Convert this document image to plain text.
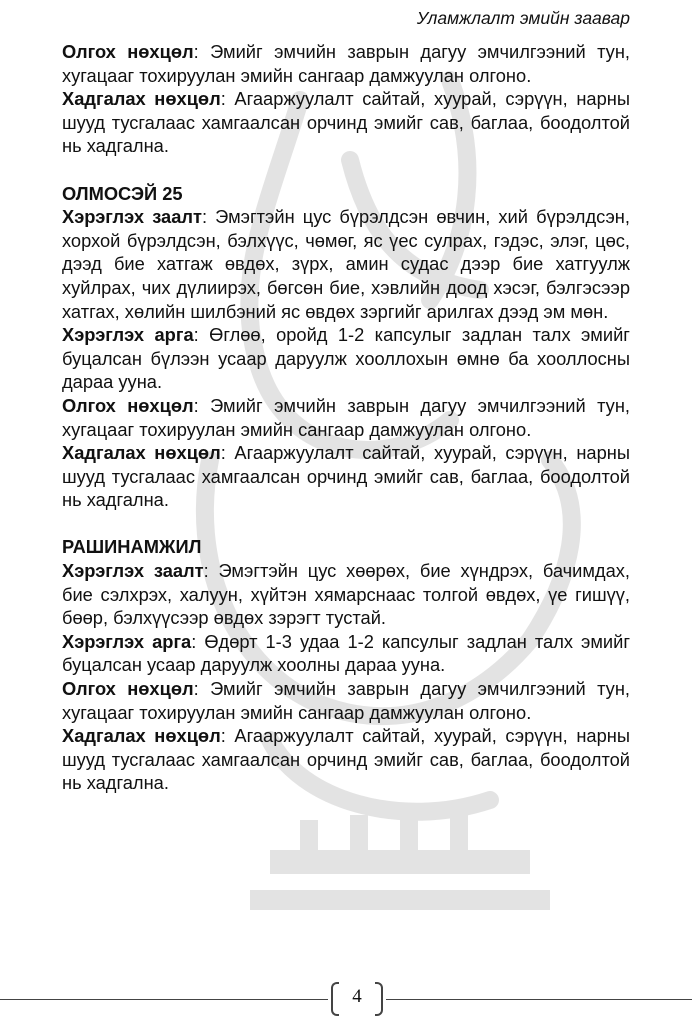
Уламжлалт эмийн заавар

Олгох нөхцөл: Эмийг эмчийн заврын дагуу эмчилгээний тун, хугацааг тохируулан эмийн сангаар дамжуулан олгоно.

Хадгалах нөхцөл: Агааржуулалт сайтай, хуурай, сэрүүн, нарны шууд тусгалаас хамгаалсан орчинд эмийг сав, баглаа, боодолтой нь хадгална.

ОЛМОСЭЙ 25

Хэрэглэх заалт: Эмэгтэйн цус бүрэлдсэн өвчин, хий бүрэлдсэн, хорхой бүрэлдсэн, бэлхүүс, чөмөг, яс үес сулрах, гэдэс, элэг, цөс, дээд бие хатгаж өвдөх, зүрх, амин судас дээр бие хатгуулж хуйлрах, чих дүлиирэх, бөгсөн бие, хэвлийн доод хэсэг, бэлгэсээр хатгах, хөлийн шилбэний яс өвдөх зэргийг арилгах дээд эм мөн.

Хэрэглэх арга: Өглөө, оройд 1-2 капсулыг задлан талх эмийг буцалсан бүлээн усаар даруулж хооллохын өмнө ба хооллосны дараа ууна.

Олгох нөхцөл: Эмийг эмчийн заврын дагуу эмчилгээний тун, хугацааг тохируулан эмийн сангаар дамжуулан олгоно.

Хадгалах нөхцөл: Агааржуулалт сайтай, хуурай, сэрүүн, нарны шууд тусгалаас хамгаалсан орчинд эмийг сав, баглаа, боодолтой нь хадгална.

РАШИНАМЖИЛ

Хэрэглэх заалт: Эмэгтэйн цус хөөрөх, бие хүндрэх, бачимдах, бие сэлхрэх, халуун, хүйтэн хямарснаас толгой өвдөх, үе гишүү, бөөр, бэлхүүсээр өвдөх зэрэгт тустай.

Хэрэглэх арга: Өдөрт 1-3 удаа 1-2 капсулыг задлан талх эмийг буцалсан усаар даруулж хоолны дараа ууна.

Олгох нөхцөл: Эмийг эмчийн заврын дагуу эмчилгээний тун, хугацааг тохируулан эмийн сангаар дамжуулан олгоно.

Хадгалах нөхцөл: Агааржуулалт сайтай, хуурай, сэрүүн, нарны шууд тусгалаас хамгаалсан орчинд эмийг сав, баглаа, боодолтой нь хадгална.

4
